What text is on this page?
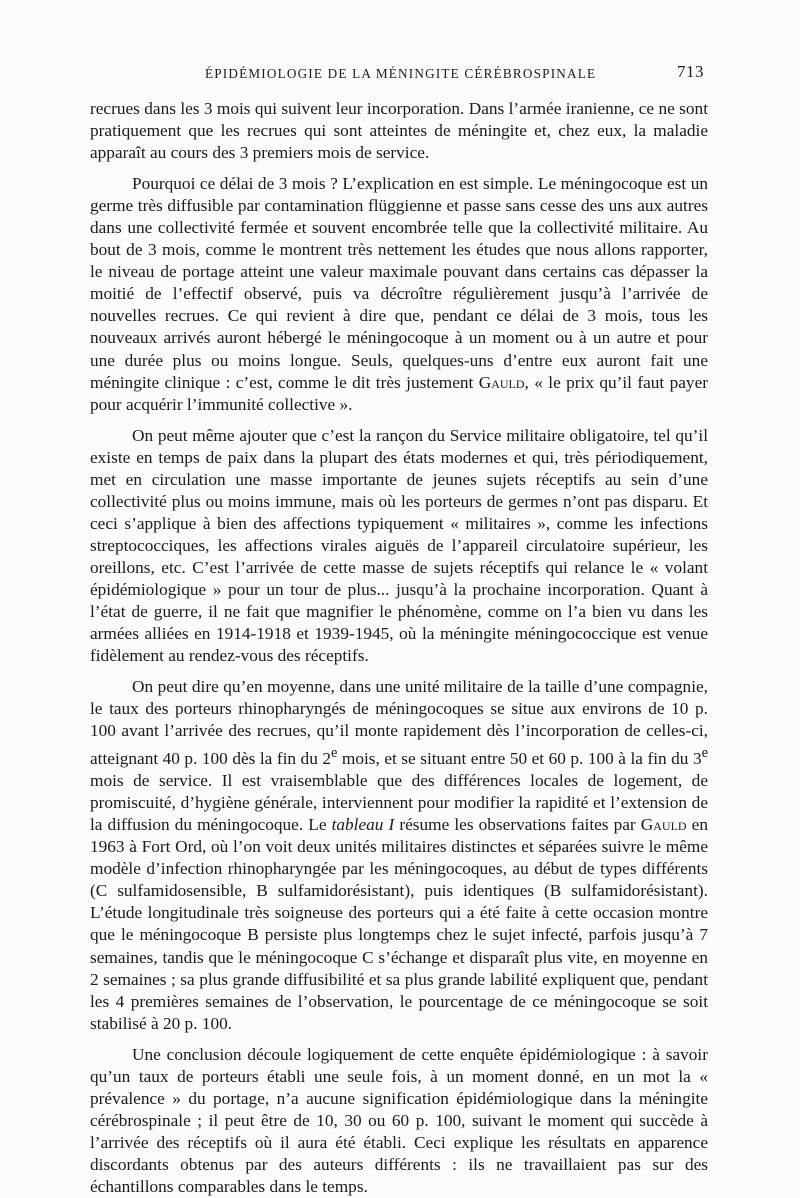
ÉPIDÉMIOLOGIE DE LA MÉNINGITE CÉRÉBROSPINALE	713

recrues dans les 3 mois qui suivent leur incorporation. Dans l’armée iranienne, ce ne sont pratiquement que les recrues qui sont atteintes de méningite et, chez eux, la maladie apparaît au cours des 3 premiers mois de service.

Pourquoi ce délai de 3 mois ? L’explication en est simple. Le méningocoque est un germe très diffusible par contamination flüggienne et passe sans cesse des uns aux autres dans une collectivité fermée et souvent encombrée telle que la collectivité militaire. Au bout de 3 mois, comme le montrent très nettement les études que nous allons rapporter, le niveau de portage atteint une valeur maximale pouvant dans certains cas dépasser la moitié de l’effectif observé, puis va décroître régulièrement jusqu’à l’arrivée de nouvelles recrues. Ce qui revient à dire que, pendant ce délai de 3 mois, tous les nouveaux arrivés auront hébergé le méningocoque à un moment ou à un autre et pour une durée plus ou moins longue. Seuls, quelques-uns d’entre eux auront fait une méningite clinique : c’est, comme le dit très justement Gauld, « le prix qu’il faut payer pour acquérir l’immunité collective ».

On peut même ajouter que c’est la rançon du Service militaire obligatoire, tel qu’il existe en temps de paix dans la plupart des états modernes et qui, très périodiquement, met en circulation une masse importante de jeunes sujets réceptifs au sein d’une collectivité plus ou moins immune, mais où les porteurs de germes n’ont pas disparu. Et ceci s’applique à bien des affections typiquement « militaires », comme les infections streptococciques, les affections virales aiguës de l’appareil circulatoire supérieur, les oreillons, etc. C’est l’arrivée de cette masse de sujets réceptifs qui relance le « volant épidémiologique » pour un tour de plus... jusqu’à la prochaine incorporation. Quant à l’état de guerre, il ne fait que magnifier le phénomène, comme on l’a bien vu dans les armées alliées en 1914-1918 et 1939-1945, où la méningite méningococcique est venue fidèlement au rendez-vous des réceptifs.

On peut dire qu’en moyenne, dans une unité militaire de la taille d’une compagnie, le taux des porteurs rhinopharyngés de méningocoques se situe aux environs de 10 p. 100 avant l’arrivée des recrues, qu’il monte rapidement dès l’incorporation de celles-ci, atteignant 40 p. 100 dès la fin du 2e mois, et se situant entre 50 et 60 p. 100 à la fin du 3e mois de service. Il est vraisemblable que des différences locales de logement, de promiscuité, d’hygiène générale, interviennent pour modifier la rapidité et l’extension de la diffusion du méningocoque. Le tableau I résume les observations faites par Gauld en 1963 à Fort Ord, où l’on voit deux unités militaires distinctes et séparées suivre le même modèle d’infection rhinopharyngée par les méningocoques, au début de types différents (C sulfamidosensible, B sulfamidorésistant), puis identiques (B sulfamidorésistant). L’étude longitudinale très soigneuse des porteurs qui a été faite à cette occasion montre que le méningocoque B persiste plus longtemps chez le sujet infecté, parfois jusqu’à 7 semaines, tandis que le méningocoque C s’échange et disparaît plus vite, en moyenne en 2 semaines ; sa plus grande diffusibilité et sa plus grande labilité expliquent que, pendant les 4 premières semaines de l’observation, le pourcentage de ce méningocoque se soit stabilisé à 20 p. 100.

Une conclusion découle logiquement de cette enquête épidémiologique : à savoir qu’un taux de porteurs établi une seule fois, à un moment donné, en un mot la « prévalence » du portage, n’a aucune signification épidémiologique dans la méningite cérébrospinale ; il peut être de 10, 30 ou 60 p. 100, suivant le moment qui succède à l’arrivée des réceptifs où il aura été établi. Ceci explique les résultats en apparence discordants obtenus par des auteurs différents : ils ne travaillaient pas sur des échantillons comparables dans le temps.
